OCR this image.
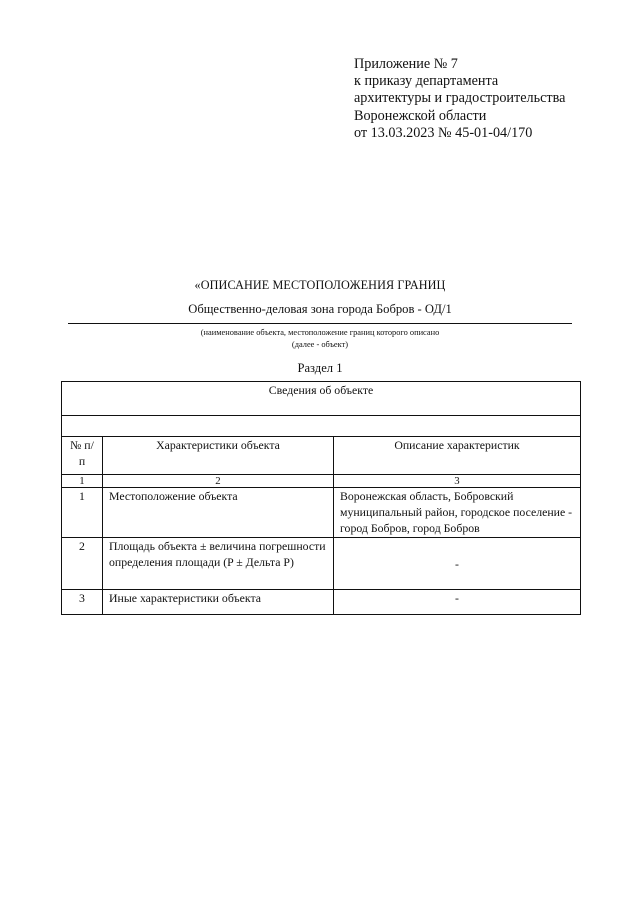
Приложение № 7
к приказу департамента
архитектуры и градостроительства
Воронежской области
от 13.03.2023 № 45-01-04/170
«ОПИСАНИЕ МЕСТОПОЛОЖЕНИЯ ГРАНИЦ
Общественно-деловая зона города Бобров - ОД/1
(наименование объекта, местоположение границ которого описано
(далее - объект)
Раздел 1
Сведения об объекте		

№ п/п	Характеристики объекта	Описание характеристик
1	2	3
1	Местоположение объекта	Воронежская область, Бобровский муниципальный район, городское поселение - город Бобров, город Бобров
2	Площадь объекта ± величина погрешности определения площади (P ± Дельта P)	-
3	Иные характеристики объекта	-
